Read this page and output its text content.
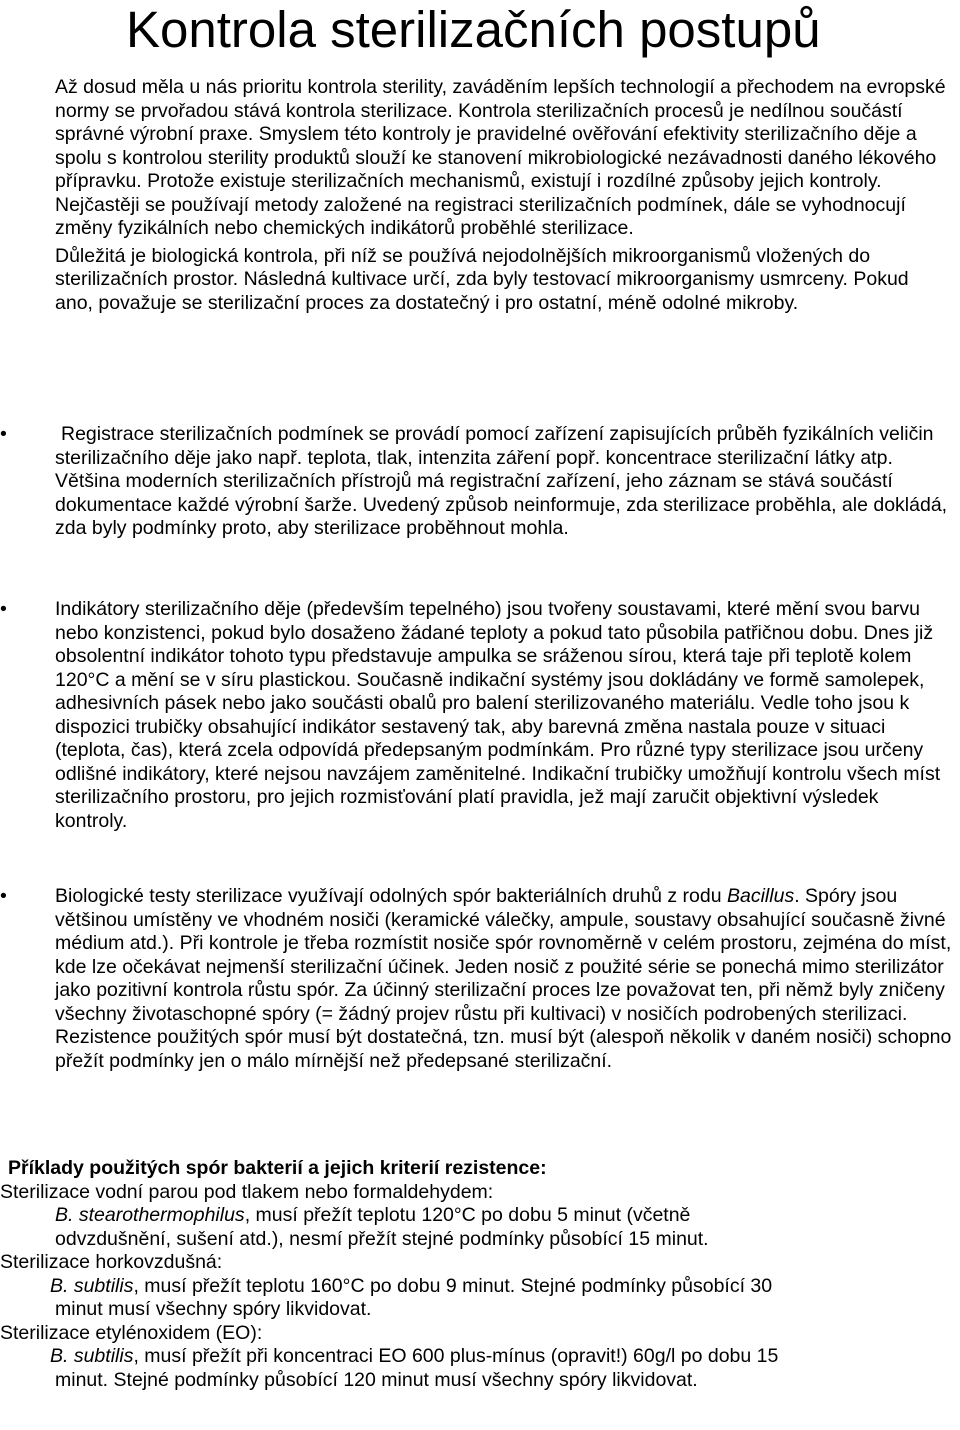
Kontrola sterilizačních postupů

Až dosud měla u nás prioritu kontrola sterility, zaváděním lepších technologií a přechodem na evropské normy se prvořadou stává kontrola sterilizace. Kontrola sterilizačních procesů je nedílnou součástí správné výrobní praxe. Smyslem této kontroly je pravidelné ověřování efektivity sterilizačního děje a spolu s kontrolou sterility produktů slouží ke stanovení mikrobiologické nezávadnosti daného lékového přípravku. Protože existuje sterilizačních mechanismů, existují i rozdílné způsoby jejich kontroly. Nejčastěji se používají metody založené na registraci sterilizačních podmínek, dále se vyhodnocují změny fyzikálních nebo chemických indikátorů proběhlé sterilizace.

Důležitá je biologická kontrola, při níž se používá nejodolnějších mikroorganismů vložených do sterilizačních prostor. Následná kultivace určí, zda byly testovací mikroorganismy usmrceny. Pokud ano, považuje se sterilizační proces za dostatečný i pro ostatní, méně odolné mikroby.

•	Registrace sterilizačních podmínek se provádí pomocí zařízení zapisujících průběh fyzikálních veličin sterilizačního děje jako např. teplota, tlak, intenzita záření popř. koncentrace sterilizační látky atp. Většina moderních sterilizačních přístrojů má registrační zařízení, jeho záznam se stává součástí dokumentace každé výrobní šarže. Uvedený způsob neinformuje, zda sterilizace proběhla, ale dokládá, zda byly podmínky proto, aby sterilizace proběhnout mohla.
• Indikátory sterilizačního děje (především tepelného) jsou tvořeny soustavami, které mění svou barvu nebo konzistenci, pokud bylo dosaženo žádané teploty a pokud tato působila patřičnou dobu. Dnes již obsolentní indikátor tohoto typu představuje ampulka se sráženou sírou, která taje při teplotě kolem 120°C a mění se v síru plastickou. Současně indikační systémy jsou dokládány ve formě samolepek, adhesivních pásek nebo jako součásti obalů pro balení sterilizovaného materiálu. Vedle toho jsou k dispozici trubičky obsahující indikátor sestavený tak, aby barevná změna nastala pouze v situaci (teplota, čas), která zcela odpovídá předepsaným podmínkám. Pro různé typy sterilizace jsou určeny odlišné indikátory, které nejsou navzájem zaměnitelné. Indikační trubičky umožňují kontrolu všech míst sterilizačního prostoru, pro jejich rozmisťování platí pravidla, jež mají zaručit objektivní výsledek kontroly.
• Biologické testy sterilizace využívají odolných spór bakteriálních druhů z rodu Bacillus. Spóry jsou většinou umístěny ve vhodném nosiči (keramické válečky, ampule, soustavy obsahující současně živné médium atd.). Při kontrole je třeba rozmístit nosiče spór rovnoměrně v celém prostoru, zejména do míst, kde lze očekávat nejmenší sterilizační účinek. Jeden nosič z použité série se ponechá mimo sterilizátor jako pozitivní kontrola růstu spór. Za účinný sterilizační proces lze považovat ten, při němž byly zničeny všechny životaschopné spóry (= žádný projev růstu při kultivaci) v nosičích podrobených sterilizaci. Rezistence použitých spór musí být dostatečná, tzn. musí být (alespoň několik v daném nosiči) schopno přežít podmínky jen o málo mírnější než předepsané sterilizační.

Příklady použitých spór bakterií a jejich kriterií rezistence:

Sterilizace vodní parou pod tlakem nebo formaldehydem:

B. stearothermophilus, musí přežít teplotu 120°C po dobu 5 minut (včetně
odvzdušnění, sušení atd.), nesmí přežít stejné podmínky působící 15 minut.

Sterilizace horkovzdušná:

B. subtilis, musí přežít teplotu 160°C po dobu 9 minut. Stejné podmínky působící 30
minut musí všechny spóry likvidovat.

Sterilizace etylénoxidem (EO):

B. subtilis, musí přežít při koncentraci EO 600 plus-mínus (opravit!) 60g/l po dobu 15
minut. Stejné podmínky působící 120 minut musí všechny spóry likvidovat.
